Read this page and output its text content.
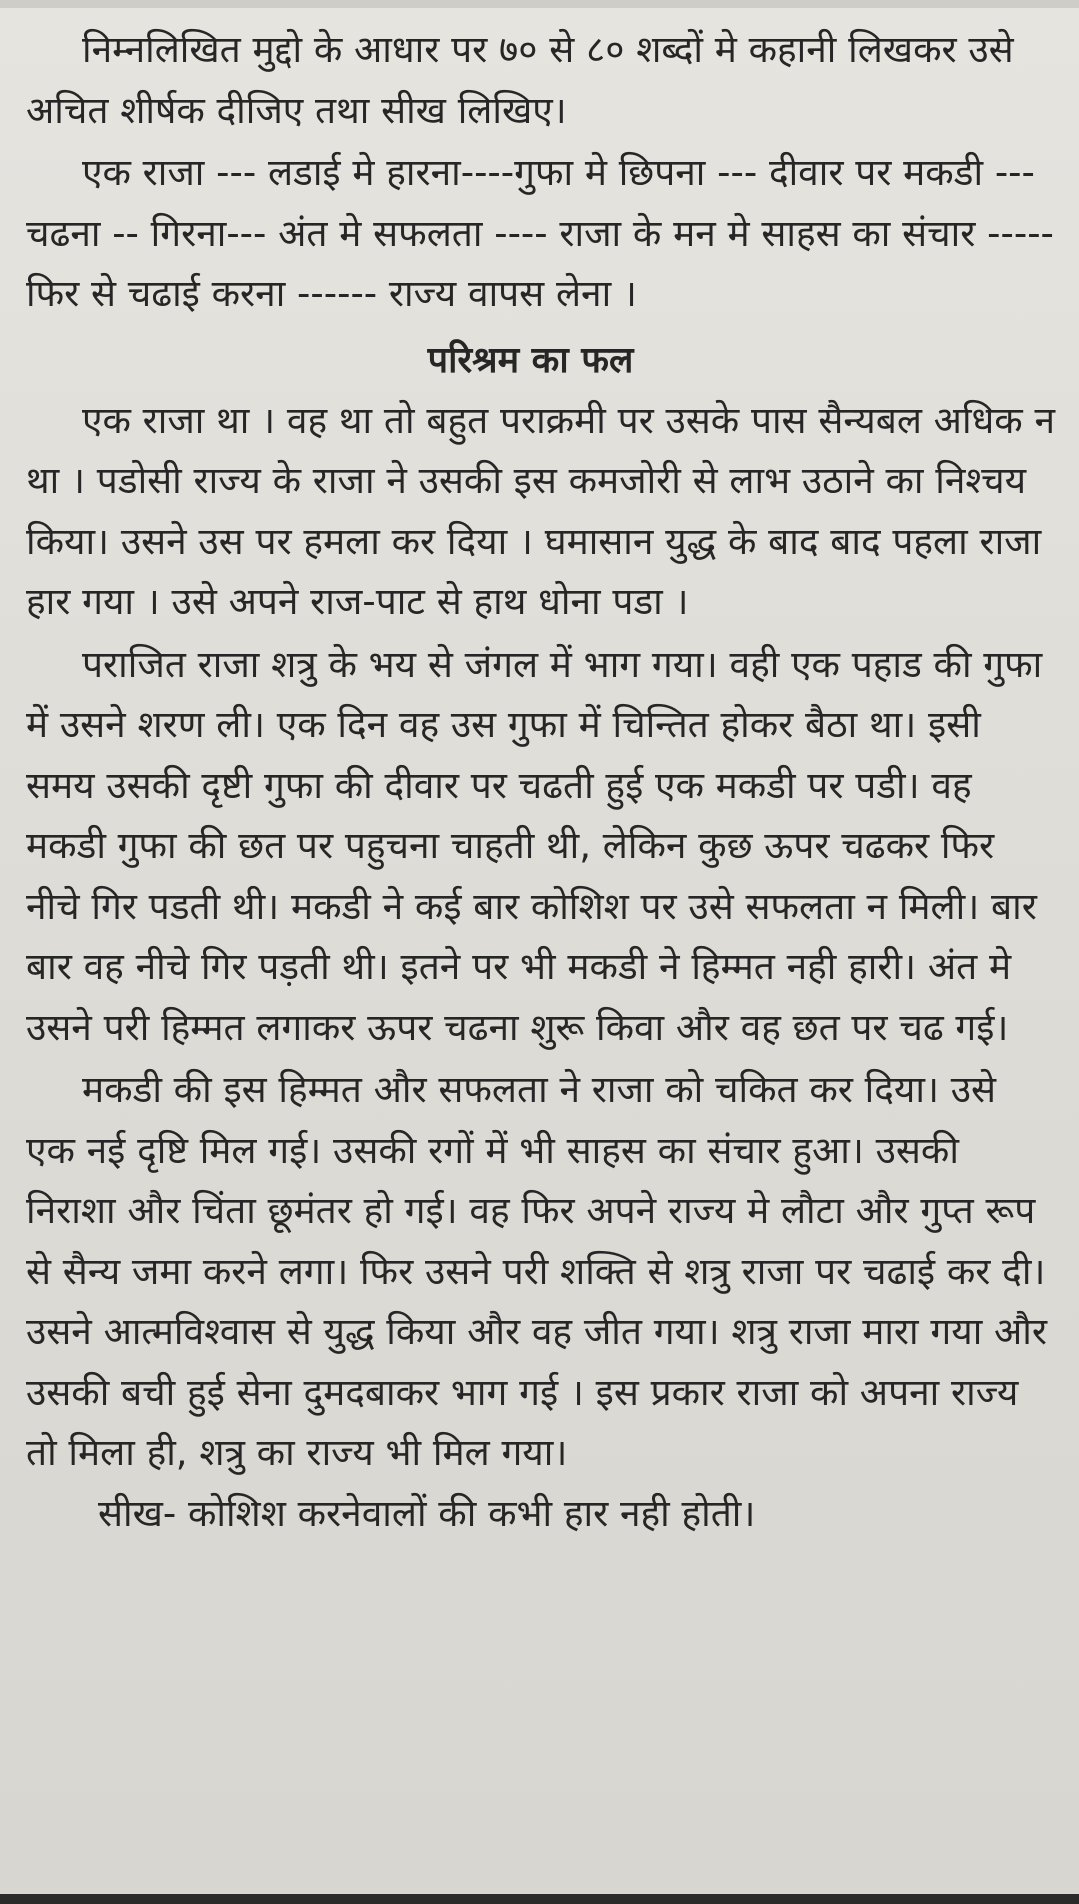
निम्नलिखित मुद्दो के आधार पर ७० से ८० शब्दों मे कहानी लिखकर उसे अचित शीर्षक दीजिए तथा सीख लिखिए।

एक राजा --- लडाई मे हारना----गुफा मे छिपना --- दीवार पर मकडी --- चढना -- गिरना--- अंत मे सफलता ---- राजा के मन मे साहस का संचार ----- फिर से चढाई करना ------ राज्य वापस लेना ।

परिश्रम का फल

एक राजा था । वह था तो बहुत पराक्रमी पर उसके पास सैन्यबल अधिक न था । पडोसी राज्य के राजा ने उसकी इस कमजोरी से लाभ उठाने का निश्चय किया। उसने उस पर हमला कर दिया । घमासान युद्ध के बाद बाद पहला राजा हार गया । उसे अपने राज-पाट से हाथ धोना पडा ।

पराजित राजा शत्रु के भय से जंगल में भाग गया। वही एक पहाड की गुफा में उसने शरण ली। एक दिन वह उस गुफा में चिन्तित होकर बैठा था। इसी समय उसकी दृष्टी गुफा की दीवार पर चढती हुई एक मकडी पर पडी। वह मकडी गुफा की छत पर पहुचना चाहती थी, लेकिन कुछ ऊपर चढकर फिर नीचे गिर पडती थी। मकडी ने कई बार कोशिश पर उसे सफलता न मिली। बार बार वह नीचे गिर पड़ती थी। इतने पर भी मकडी ने हिम्मत नही हारी। अंत मे उसने परी हिम्मत लगाकर ऊपर चढना शुरू किवा और वह छत पर चढ गई।

मकडी की इस हिम्मत और सफलता ने राजा को चकित कर दिया। उसे एक नई दृष्टि मिल गई। उसकी रगों में भी साहस का संचार हुआ। उसकी निराशा और चिंता छूमंतर हो गई। वह फिर अपने राज्य मे लौटा और गुप्त रूप से सैन्य जमा करने लगा। फिर उसने परी शक्ति से शत्रु राजा पर चढाई कर दी। उसने आत्मविश्वास से युद्ध किया और वह जीत गया। शत्रु राजा मारा गया और उसकी बची हुई सेना दुमदबाकर भाग गई । इस प्रकार राजा को अपना राज्य तो मिला ही, शत्रु का राज्य भी मिल गया।

सीख- कोशिश करनेवालों की कभी हार नही होती।
